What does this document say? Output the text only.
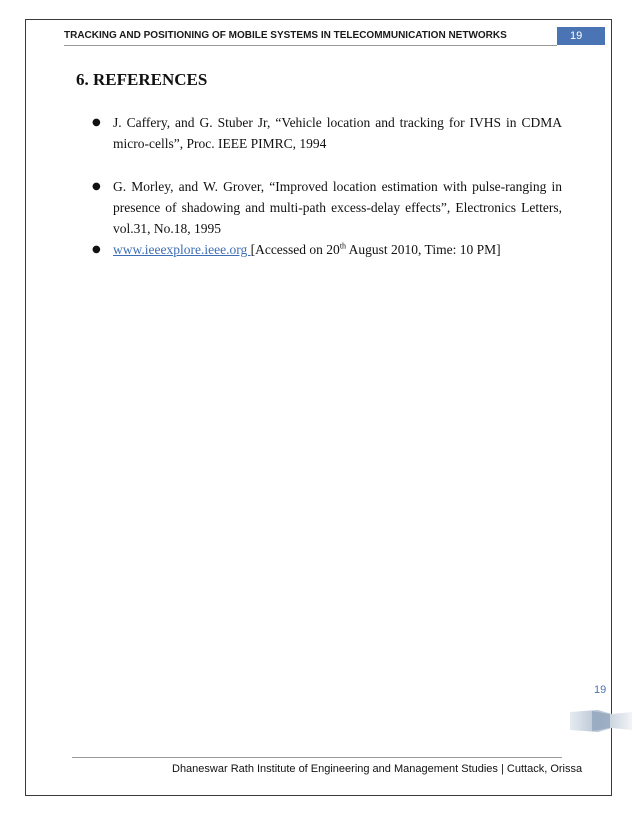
TRACKING AND POSITIONING OF MOBILE SYSTEMS IN TELECOMMUNICATION NETWORKS	19
6. REFERENCES
● J. Caffery, and G. Stuber Jr, “Vehicle location and tracking for IVHS in CDMA micro-cells”, Proc. IEEE PIMRC, 1994
● G. Morley, and W. Grover, “Improved location estimation with pulse-ranging in presence of shadowing and multi-path excess-delay effects”, Electronics Letters, vol.31, No.18, 1995
● www.ieeexplore.ieee.org [Accessed on 20th August 2010, Time: 10 PM]
19
Dhaneswar Rath Institute of Engineering and Management Studies | Cuttack, Orissa
